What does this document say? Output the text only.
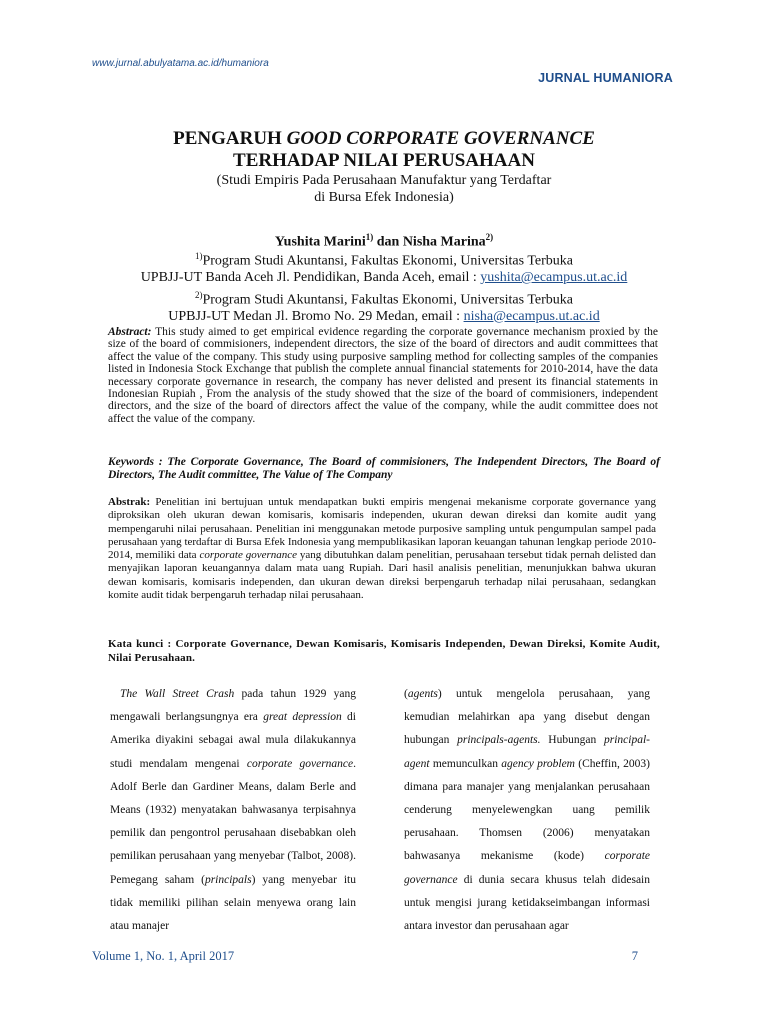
www.jurnal.abulyatama.ac.id/humaniora
JURNAL HUMANIORA
PENGARUH GOOD CORPORATE GOVERNANCE
TERHADAP NILAI PERUSAHAAN
(Studi Empiris Pada Perusahaan Manufaktur yang Terdaftar
di Bursa Efek Indonesia)
Yushita Marini$^{1)}$ dan Nisha Marina$^{2)}$
$^{1)}$Program Studi Akuntansi, Fakultas Ekonomi, Universitas Terbuka
UPBJJ-UT Banda Aceh Jl. Pendidikan, Banda Aceh, email : yushita@ecampus.ut.ac.id
$^{2)}$Program Studi Akuntansi, Fakultas Ekonomi, Universitas Terbuka
UPBJJ-UT Medan Jl. Bromo No. 29 Medan, email : nisha@ecampus.ut.ac.id
Abstract: This study aimed to get empirical evidence regarding the corporate governance mechanism proxied by the size of the board of commisioners, independent directors, the size of the board of directors and audit committees that affect the value of the company. This study using purposive sampling method for collecting samples of the companies listed in Indonesia Stock Exchange that publish the complete annual financial statements for 2010-2014, have the data necessary corporate governance in research, the company has never delisted and present its financial statements in Indonesian Rupiah , From the analysis of the study showed that the size of the board of commisioners, independent directors, and the size of the board of directors affect the value of the company, while the audit committee does not affect the value of the company.
Keywords : The Corporate Governance, The Board of commisioners, The Independent Directors, The Board of Directors, The Audit committee, The Value of The Company
Abstrak: Penelitian ini bertujuan untuk mendapatkan bukti empiris mengenai mekanisme corporate governance yang diproksikan oleh ukuran dewan komisaris, komisaris independen, ukuran dewan direksi dan komite audit yang mempengaruhi nilai perusahaan. Penelitian ini menggunakan metode purposive sampling untuk pengumpulan sampel pada perusahaan yang terdaftar di Bursa Efek Indonesia yang mempublikasikan laporan keuangan tahunan lengkap periode 2010-2014, memiliki data corporate governance yang dibutuhkan dalam penelitian, perusahaan tersebut tidak pernah delisted dan menyajikan laporan keuangannya dalam mata uang Rupiah. Dari hasil analisis penelitian, menunjukkan bahwa ukuran dewan komisaris, komisaris independen, dan ukuran dewan direksi berpengaruh terhadap nilai perusahaan, sedangkan komite audit tidak berpengaruh terhadap nilai perusahaan.
Kata kunci : Corporate Governance, Dewan Komisaris, Komisaris Independen, Dewan Direksi, Komite Audit, Nilai Perusahaan.

The Wall Street Crash pada tahun 1929 yang mengawali berlangsungnya era great depression di Amerika diyakini sebagai awal mula dilakukannya studi mendalam mengenai corporate governance. Adolf Berle dan Gardiner Means, dalam Berle and Means (1932) menyatakan bahwasanya terpisahnya pemilik dan pengontrol perusahaan disebabkan oleh pemilikan perusahaan yang menyebar (Talbot, 2008). Pemegang saham (principals) yang menyebar itu tidak memiliki pilihan selain menyewa orang lain atau manajer

(agents) untuk mengelola perusahaan, yang kemudian melahirkan apa yang disebut dengan hubungan principals-agents. Hubungan principal-agent memunculkan agency problem (Cheffin, 2003) dimana para manajer yang menjalankan perusahaan cenderung menyelewengkan uang pemilik perusahaan. Thomsen (2006) menyatakan bahwasanya mekanisme (kode) corporate governance di dunia secara khusus telah didesain untuk mengisi jurang ketidakseimbangan informasi antara investor dan perusahaan agar

Volume 1, No. 1, April 2017	7
